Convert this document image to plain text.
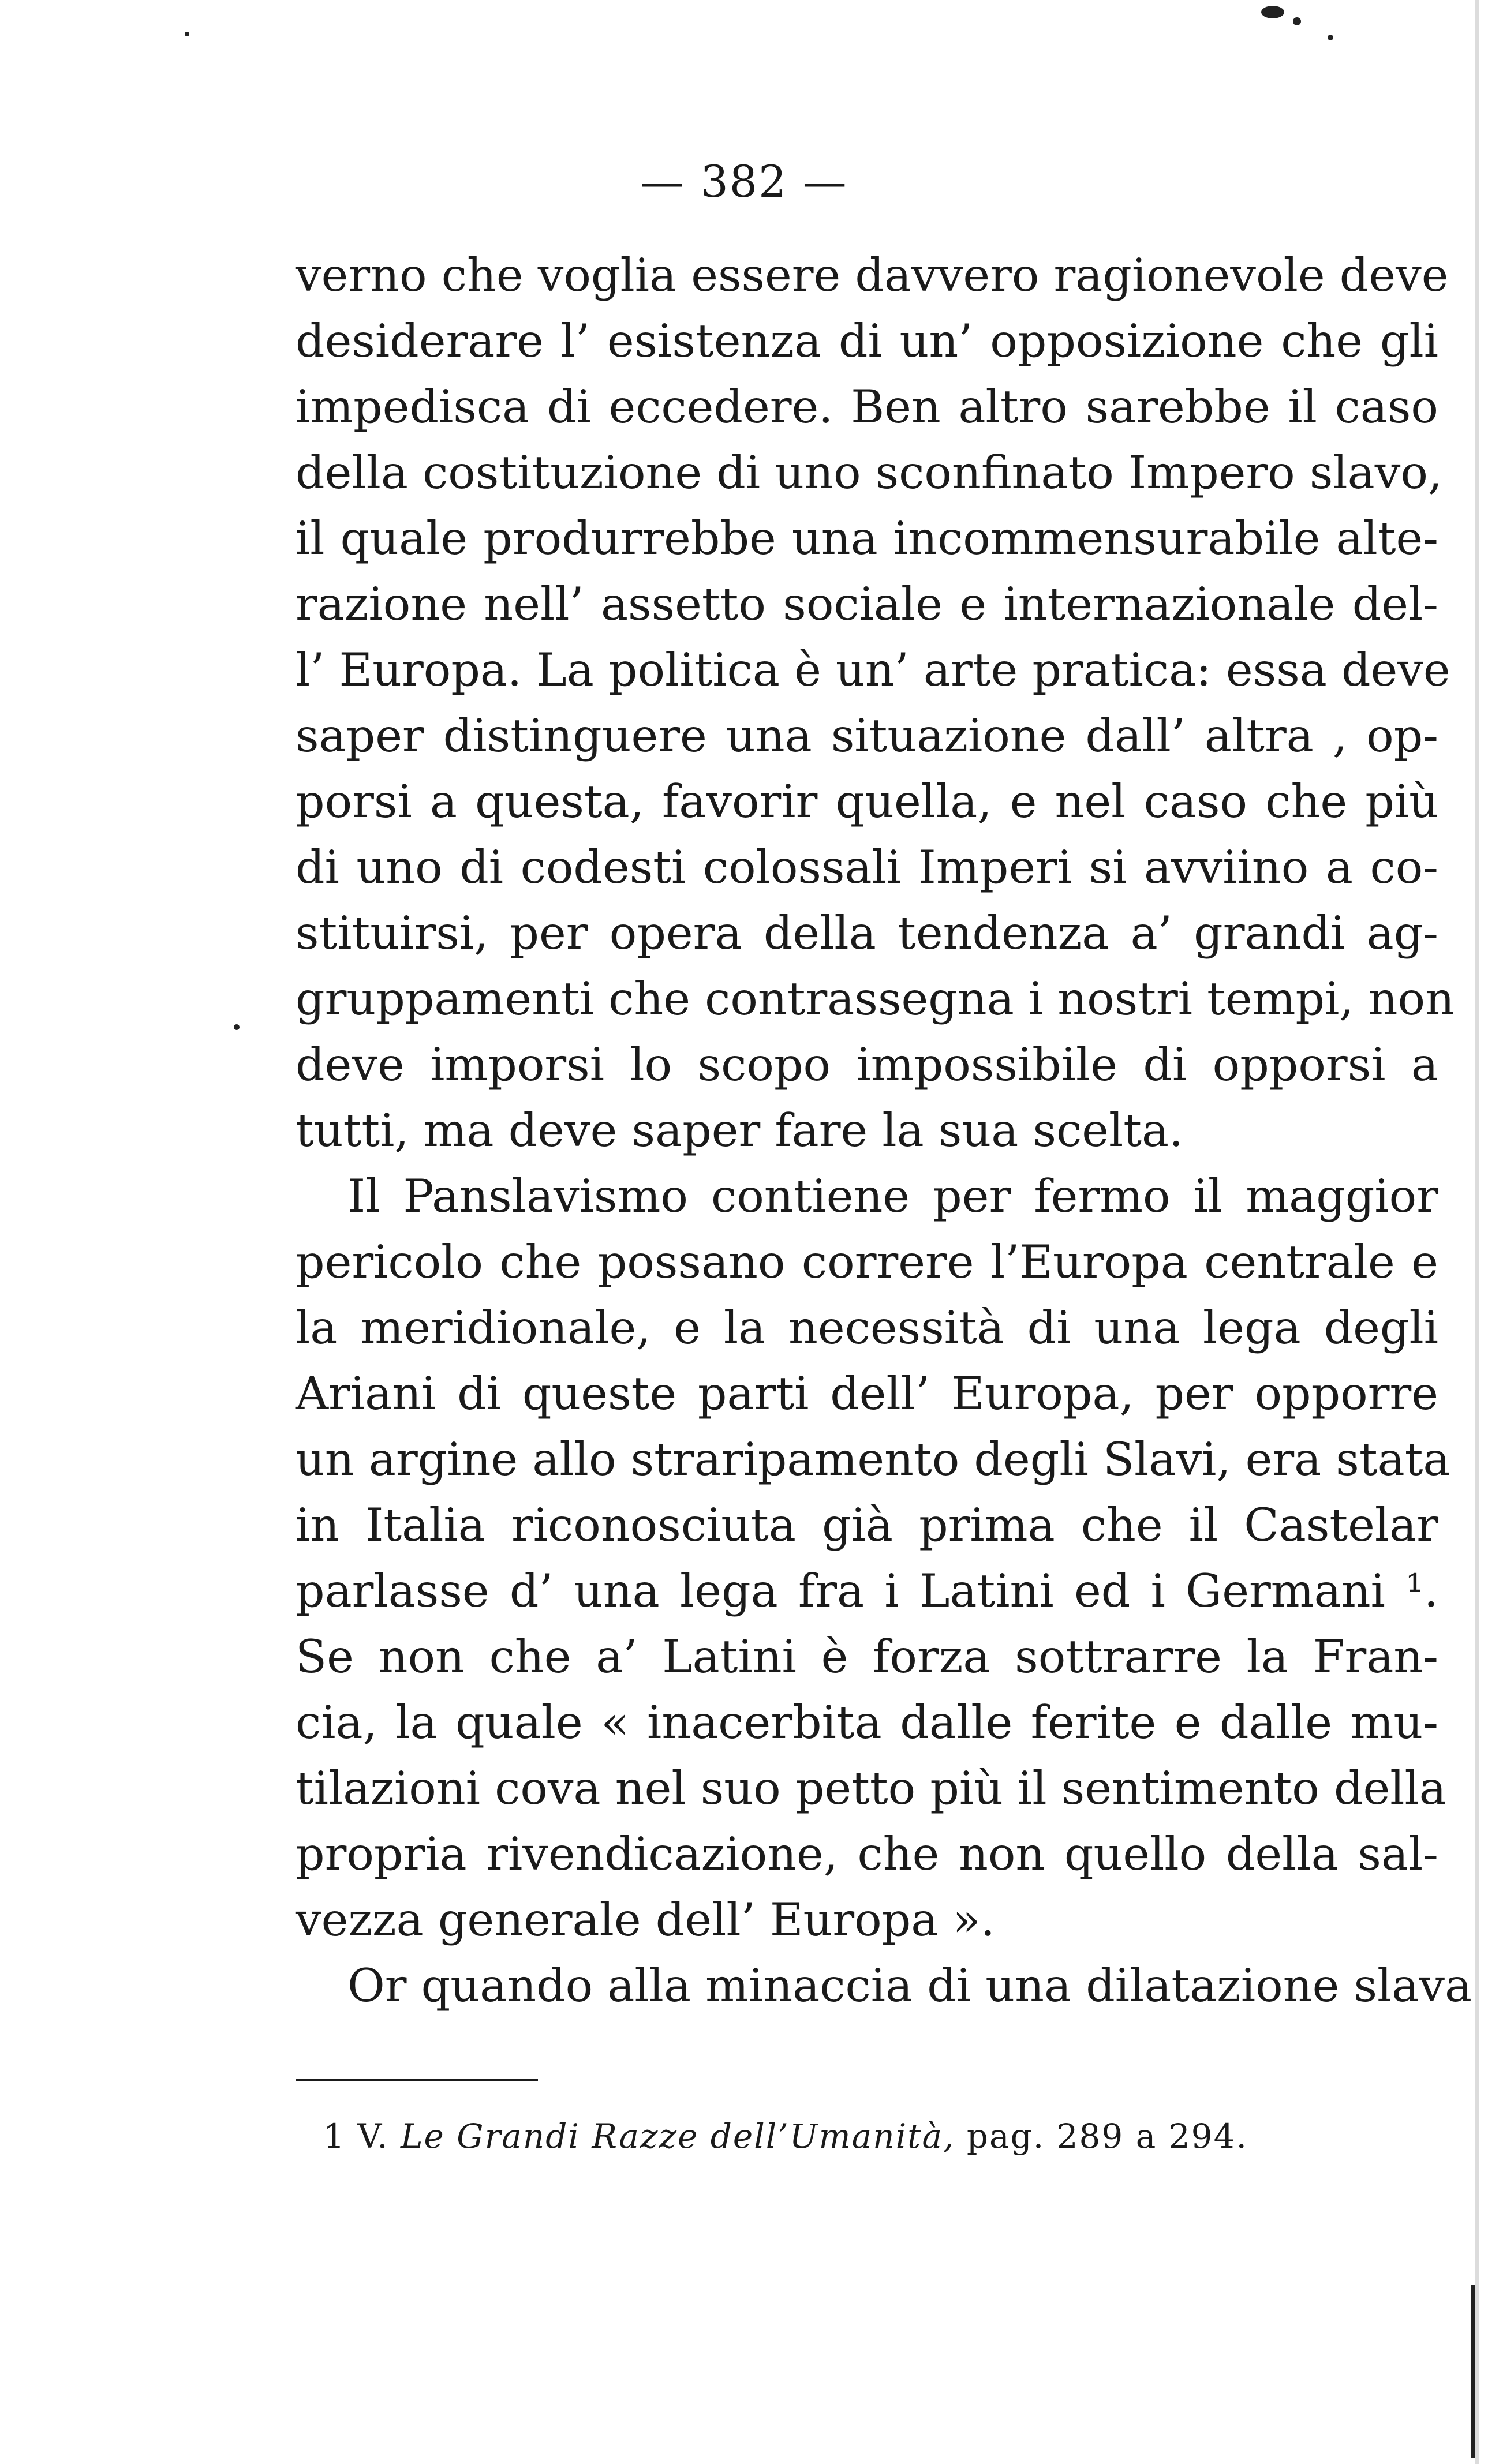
— 382 —
verno che voglia essere davvero ragionevole deve
desiderare l’ esistenza di un’ opposizione che gli
impedisca di eccedere. Ben altro sarebbe il caso
della costituzione di uno sconfinato Impero slavo,
il quale produrrebbe una incommensurabile alte-
razione nell’ assetto sociale e internazionale del-
l’ Europa. La politica è un’ arte pratica: essa deve
saper distinguere una situazione dall’ altra , op-
porsi a questa, favorir quella, e nel caso che più
di uno di codesti colossali Imperi si avviino a co-
stituirsi, per opera della tendenza a’ grandi ag-
gruppamenti che contrassegna i nostri tempi, non
deve imporsi lo scopo impossibile di opporsi a
tutti, ma deve saper fare la sua scelta.
Il Panslavismo contiene per fermo il maggior
pericolo che possano correre l’Europa centrale e
la meridionale, e la necessità di una lega degli
Ariani di queste parti dell’ Europa, per opporre
un argine allo straripamento degli Slavi, era stata
in Italia riconosciuta già prima che il Castelar
parlasse d’ una lega fra i Latini ed i Germani ¹.
Se non che a’ Latini è forza sottrarre la Fran-
cia, la quale « inacerbita dalle ferite e dalle mu-
tilazioni cova nel suo petto più il sentimento della
propria rivendicazione, che non quello della sal-
vezza generale dell’ Europa ».
Or quando alla minaccia di una dilatazione slava
1 V. Le Grandi Razze dell’Umanità, pag. 289 a 294.
